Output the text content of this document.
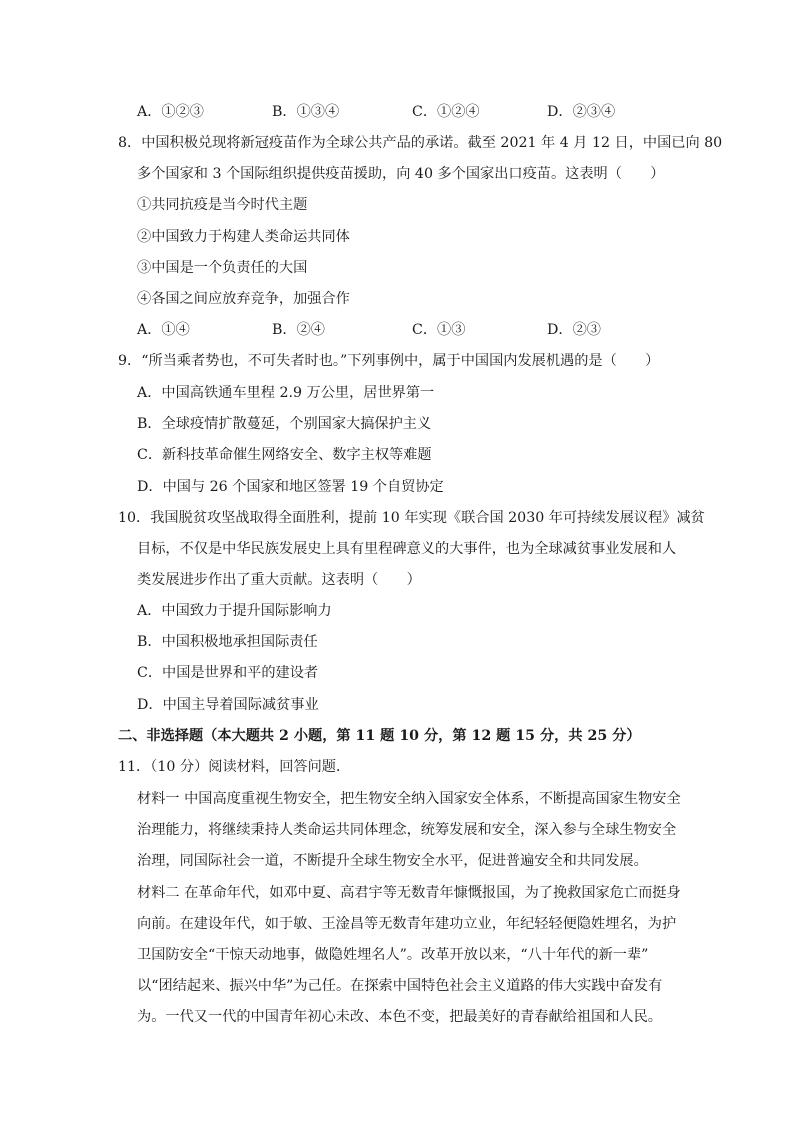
A．①②③	B．①③④	C．①②④	D．②③④
8．中国积极兑现将新冠疫苗作为全球公共产品的承诺。截至 2021 年 4 月 12 日，中国已向 80
多个国家和 3 个国际组织提供疫苗援助，向 40 多个国家出口疫苗。这表明（　　）
①共同抗疫是当今时代主题
②中国致力于构建人类命运共同体
③中国是一个负责任的大国
④各国之间应放弃竞争，加强合作
A．①④	B．②④	C．①③	D．②③
9．“所当乘者势也，不可失者时也。”下列事例中，属于中国国内发展机遇的是（　　）
A．中国高铁通车里程 2.9 万公里，居世界第一
B．全球疫情扩散蔓延，个别国家大搞保护主义
C．新科技革命催生网络安全、数字主权等难题
D．中国与 26 个国家和地区签署 19 个自贸协定
10．我国脱贫攻坚战取得全面胜利，提前 10 年实现《联合国 2030 年可持续发展议程》减贫
目标，不仅是中华民族发展史上具有里程碑意义的大事件，也为全球减贫事业发展和人
类发展进步作出了重大贡献。这表明（　　）
A．中国致力于提升国际影响力
B．中国积极地承担国际责任
C．中国是世界和平的建设者
D．中国主导着国际减贫事业
二、非选择题（本大题共 2 小题，第 11 题 10 分，第 12 题 15 分，共 25 分）
11．（10 分）阅读材料，回答问题．
材料一 中国高度重视生物安全，把生物安全纳入国家安全体系，不断提高国家生物安全
治理能力，将继续秉持人类命运共同体理念，统筹发展和安全，深入参与全球生物安全
治理，同国际社会一道，不断提升全球生物安全水平，促进普遍安全和共同发展。
材料二 在革命年代，如邓中夏、高君宇等无数青年慷慨报国，为了挽救国家危亡而挺身
向前。在建设年代，如于敏、王淦昌等无数青年建功立业，年纪轻轻便隐姓埋名，为护
卫国防安全“干惊天动地事，做隐姓埋名人”。改革开放以来，“八十年代的新一辈”
以“团结起来、振兴中华”为己任。在探索中国特色社会主义道路的伟大实践中奋发有
为。一代又一代的中国青年初心未改、本色不变，把最美好的青春献给祖国和人民。
